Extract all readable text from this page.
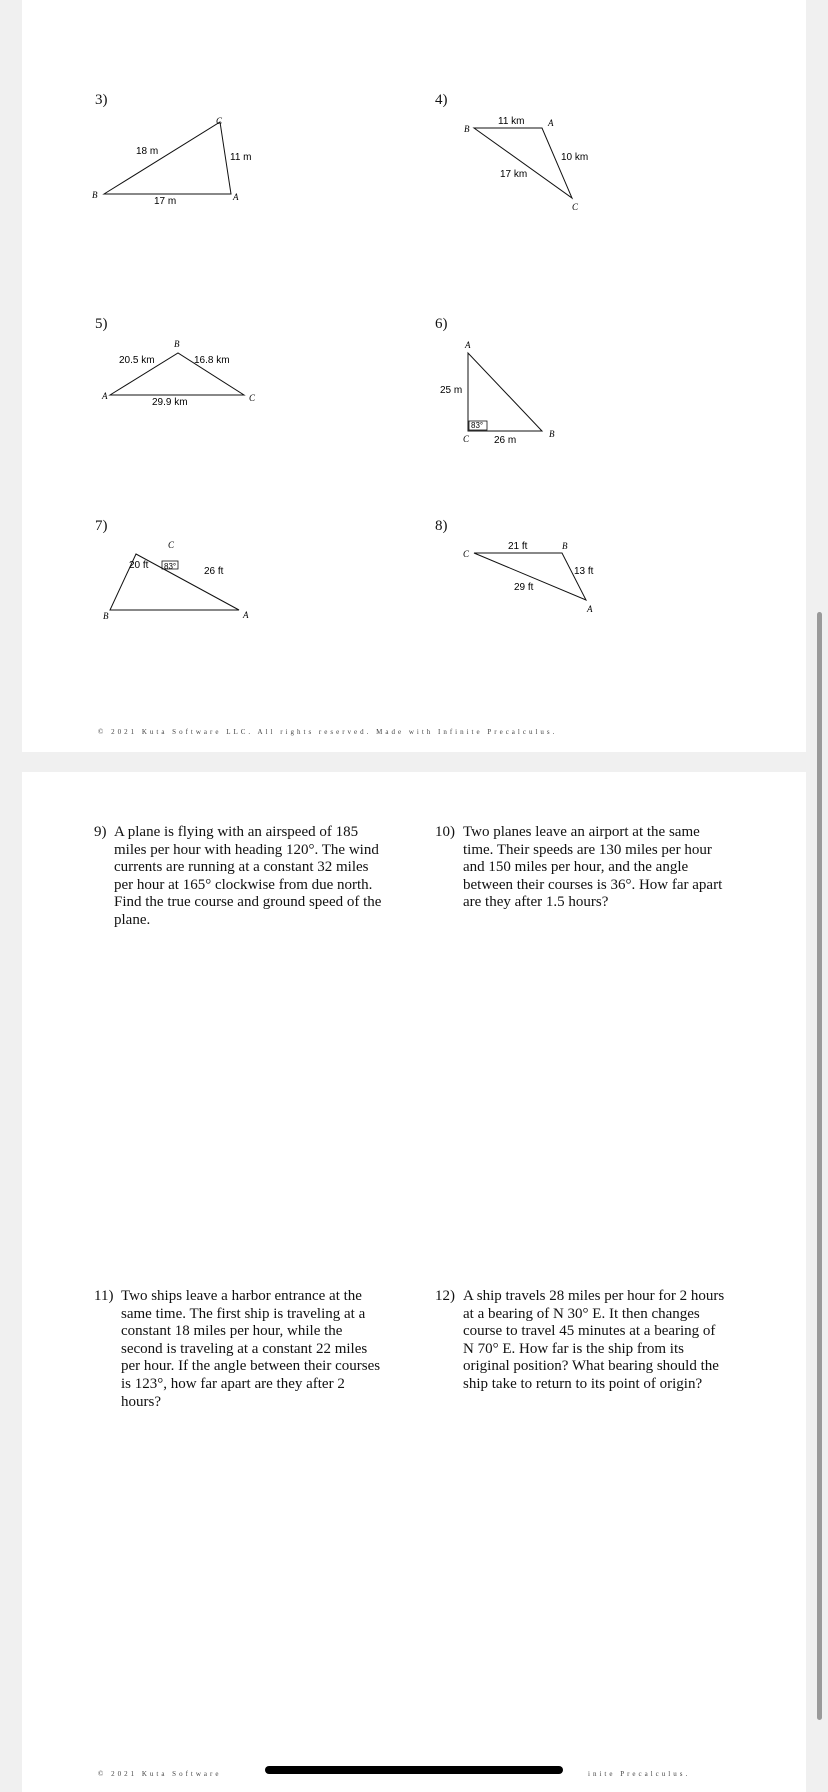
3)
C
B	A
18 m
11 m
17 m
4)
B
A
C
11 km
10 km
17 km
5)
B
A	C
20.5 km	16.8 km
29.9 km
6)
A
C	B
25 m
26 m
83°
7)
C
B	A
20 ft
26 ft
83°
8)
C
B
A
21 ft
13 ft
29 ft
© 2021 Kuta Software LLC. All rights reserved. Made with Infinite Precalculus.
9) A plane is flying with an airspeed of 185 miles per hour with heading 120°. The wind currents are running at a constant 32 miles per hour at 165° clockwise from due north. Find the true course and ground speed of the plane.
10) Two planes leave an airport at the same time. Their speeds are 130 miles per hour and 150 miles per hour, and the angle between their courses is 36°. How far apart are they after 1.5 hours?
11) Two ships leave a harbor entrance at the same time. The first ship is traveling at a constant 18 miles per hour, while the second is traveling at a constant 22 miles per hour. If the angle between their courses is 123°, how far apart are they after 2 hours?
12) A ship travels 28 miles per hour for 2 hours at a bearing of N 30° E. It then changes course to travel 45 minutes at a bearing of N 70° E. How far is the ship from its original position? What bearing should the ship take to return to its point of origin?
© 2021 Kuta Software	inite Precalculus.
